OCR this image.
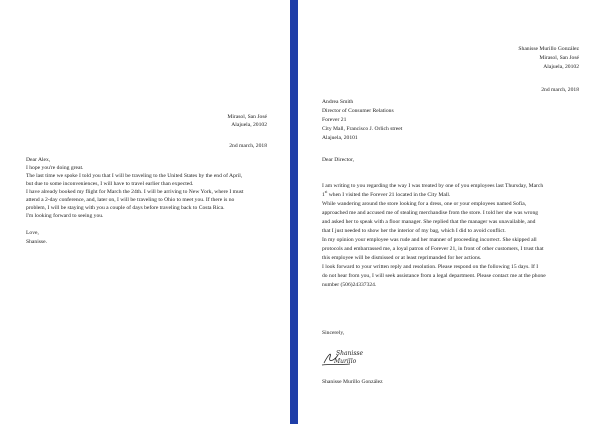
Mirasol, San José
Alajuela, 20102
2nd march, 2018
Dear Alex,
I hope you're doing great.
The last time we spoke I told you that I will be traveling to the United States by the end of April,
but due to some inconveniences, I will have to travel earlier than expected.
I have already booked my flight for March the 24th. I will be arriving to New York, where I must
attend a 2-day conference, and, later on, I will be traveling to Ohio to meet you. If there is no
problem, I will be staying with you a couple of days before traveling back to Costa Rica.
I'm looking forward to seeing you.
Love,
Shanisse.
Shanisse Murillo González
Mirasol, San José
Alajuela, 20102
2nd march, 2018
Andrea Smith
Director of Consumer Relations
Forever 21
City Mall, Francisco J. Orlich street
Alajuela, 20101
Dear Director,
I am writing to you regarding the way I was treated by one of you employees last Thursday, March
1st when I visited the Forever 21 located in the City Mall.
While wandering around the store looking for a dress, one or your employees named Sofia,
approached me and accused me of stealing merchandise from the store. I told her she was wrong
and asked her to speak with a floor manager. She replied that the manager was unavailable, and
that I just needed to show her the interior of my bag, which I did to avoid conflict.
In my opinion your employee was rude and her manner of proceeding incorrect. She skipped all
protocols and embarrassed me, a loyal patron of Forever 21, in front of other customers, I trust that
this employee will be dismissed or at least reprimanded for her actions.
I look forward to your written reply and resolution. Please respond on the following 15 days. If I
do not hear from you, I will seek assistance from a legal department. Please contact me at the phone
number (506)24337324.
Sincerely,
Shanisse
Murillo
Shanisse Murillo González
